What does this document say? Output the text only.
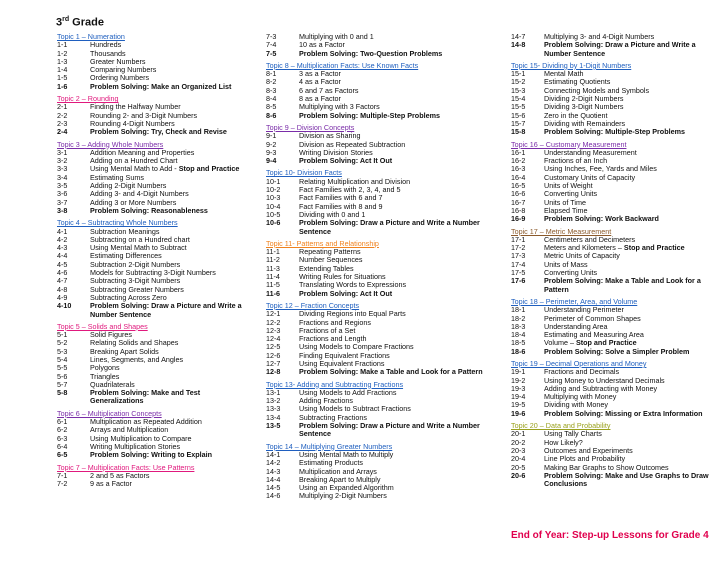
3rd Grade
Topic 1 – Numeration
1-1	Hundreds
1-2	Thousands
1-3	Greater Numbers
1-4	Comparing Numbers
1-5	Ordering Numbers
1-6	Problem Solving: Make an Organized List
Topic 2 – Rounding
2-1	Finding the Halfway Number
2-2	Rounding 2- and 3-Digit Numbers
2-3	Rounding 4-Digit Numbers
2-4	Problem Solving: Try, Check and Revise
Topic 3 – Adding Whole Numbers
3-1	Addition Meaning and Properties
3-2	Adding on a Hundred Chart
3-3	Using Mental Math to Add - Stop and Practice
3-4	Estimating Sums
3-5	Adding 2-Digit Numbers
3-6	Adding 3- and 4-Digit Numbers
3-7	Adding 3 or More Numbers
3-8	Problem Solving: Reasonableness
Topic 4 – Subtracting Whole Numbers
4-1	Subtraction Meanings
4-2	Subtracting on a Hundred chart
4-3	Using Mental Math to Subtract
4-4	Estimating Differences
4-5	Subtraction 2-Digit Numbers
4-6	Models for Subtracting 3-Digit Numbers
4-7	Subtracting 3-Digit Numbers
4-8	Subtracting Greater Numbers
4-9	Subtracting Across Zero
4-10	Problem Solving: Draw a Picture and Write a Number Sentence
Topic 5 – Solids and Shapes
5-1	Solid Figures
5-2	Relating Solids and Shapes
5-3	Breaking Apart Solids
5-4	Lines, Segments, and Angles
5-5	Polygons
5-6	Triangles
5-7	Quadrilaterals
5-8	Problem Solving: Make and Test Generalizations
Topic 6 – Multiplication Concepts
6-1	Multiplication as Repeated Addition
6-2	Arrays and Multiplication
6-3	Using Multiplication to Compare
6-4	Writing Multiplication Stories
6-5	Problem Solving: Writing to Explain
Topic 7 – Multiplication Facts: Use Patterns
7-1	2 and 5 as Factors
7-2	9 as a Factor
7-3	Multiplying with 0 and 1
7-4	10 as a Factor
7-5	Problem Solving: Two-Question Problems
Topic 8 – Multiplication Facts: Use Known Facts
8-1	3 as a Factor
8-2	4 as a Factor
8-3	6 and 7 as Factors
8-4	8 as a Factor
8-5	Multiplying with 3 Factors
8-6	Problem Solving: Multiple-Step Problems
Topic 9 – Division Concepts
9-1	Division as Sharing
9-2	Division as Repeated Subtraction
9-3	Writing Division Stories
9-4	Problem Solving: Act It Out
Topic 10- Division Facts
10-1	Relating Multiplication and Division
10-2	Fact Families with 2, 3, 4, and 5
10-3	Fact Families with 6 and 7
10-4	Fact Families with 8 and 9
10-5	Dividing with 0 and 1
10-6	Problem Solving: Draw a Picture and Write a Number Sentence
Topic 11- Patterns and Relationship
11-1	Repeating Patterns
11-2	Number Sequences
11-3	Extending Tables
11-4	Writing Rules for Situations
11-5	Translating Words to Expressions
11-6	Problem Solving: Act It Out
Topic 12 – Fraction Concepts
12-1	Dividing Regions into Equal Parts
12-2	Fractions and Regions
12-3	Fractions of a Set
12-4	Fractions and Length
12-5	Using Models to Compare Fractions
12-6	Finding Equivalent Fractions
12-7	Using Equivalent Fractions
12-8	Problem Solving: Make a Table and Look for a Pattern
Topic 13- Adding and Subtracting Fractions
13-1	Using Models to Add Fractions
13-2	Adding Fractions
13-3	Using Models to Subtract Fractions
13-4	Subtracting Fractions
13-5	Problem Solving: Draw a Picture and Write a Number Sentence
Topic 14 – Multiplying Greater Numbers
14-1	Using Mental Math to Multiply
14-2	Estimating Products
14-3	Multiplication and Arrays
14-4	Breaking Apart to Multiply
14-5	Using an Expanded Algorithm
14-6	Multiplying 2-Digit Numbers
14-7	Multiplying 3- and 4-Digit Numbers
14-8	Problem Solving: Draw a Picture and Write a Number Sentence
Topic 15- Dividing by 1-Digit Numbers
15-1	Mental Math
15-2	Estimating Quotients
15-3	Connecting Models and Symbols
15-4	Dividing 2-Digit Numbers
15-5	Dividing 3-Digit Numbers
15-6	Zero in the Quotient
15-7	Dividing with Remainders
15-8	Problem Solving: Multiple-Step Problems
Topic 16 – Customary Measurement
16-1	Understanding Measurement
16-2	Fractions of an Inch
16-3	Using Inches, Fee, Yards and Miles
16-4	Customary Units of Capacity
16-5	Units of Weight
16-6	Converting Units
16-7	Units of Time
16-8	Elapsed Time
16-9	Problem Solving: Work Backward
Topic 17 – Metric Measurement
17-1	Centimeters and Decimeters
17-2	Meters and Kilometers – Stop and Practice
17-3	Metric Units of Capacity
17-4	Units of Mass
17-5	Converting Units
17-6	Problem Solving: Make a Table and Look for a Pattern
Topic 18 – Perimeter, Area, and Volume
18-1	Understanding Perimeter
18-2	Perimeter of Common Shapes
18-3	Understanding Area
18-4	Estimating and Measuring Area
18-5	Volume – Stop and Practice
18-6	Problem Solving: Solve a Simpler Problem
Topic 19 – Decimal Operations and Money
19-1	Fractions and Decimals
19-2	Using Money to Understand Decimals
19-3	Adding and Subtracting with Money
19-4	Multiplying with Money
19-5	Dividing with Money
19-6	Problem Solving: Missing or Extra Information
Topic 20 – Data and Probability
20-1	Using Tally Charts
20-2	How Likely?
20-3	Outcomes and Experiments
20-4	Line Plots and Probability
20-5	Making Bar Graphs to Show Outcomes
20-6	Problem Solving: Make and Use Graphs to Draw Conclusions
End of Year: Step-up Lessons for Grade 4
